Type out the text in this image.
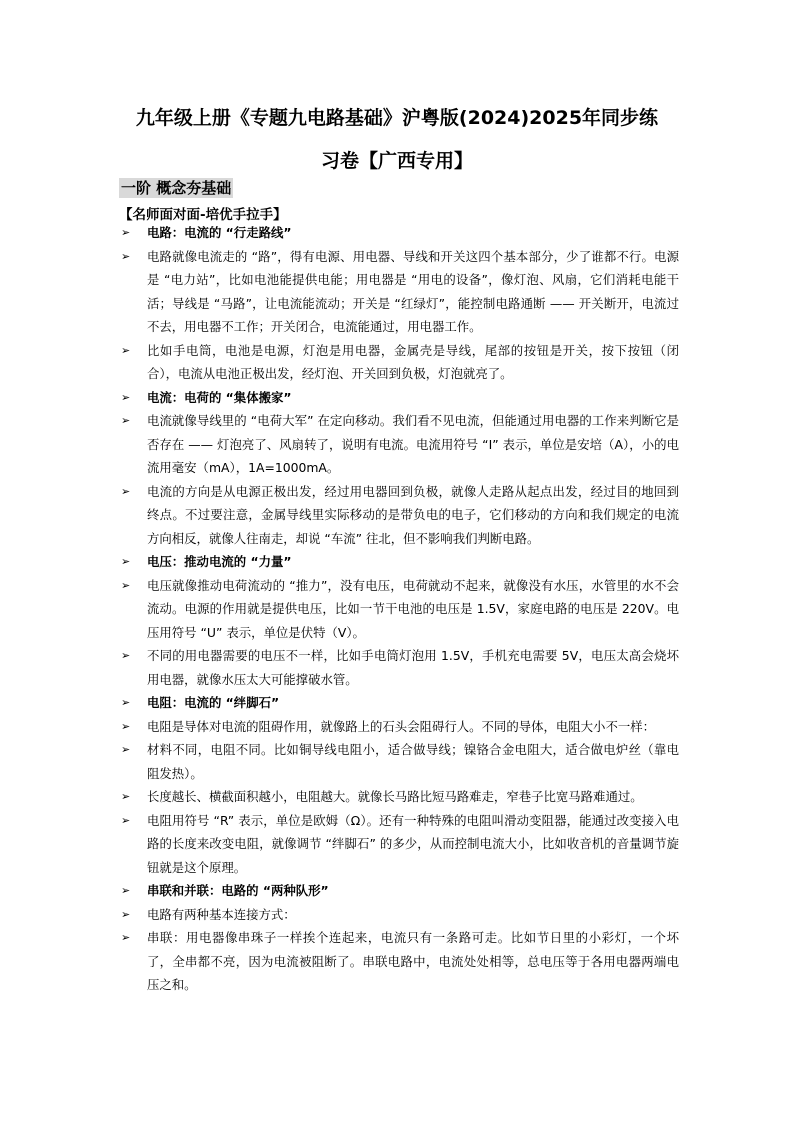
九年级上册《专题九电路基础》沪粤版(2024)2025年同步练
习卷【广西专用】
一阶 概念夯基础
【名师面对面-培优手拉手】
➢ 电路：电流的 “行走路线”
➢ 电路就像电流走的 “路”，得有电源、用电器、导线和开关这四个基本部分，少了谁都不行。电源是 “电力站”，比如电池能提供电能；用电器是 “用电的设备”，像灯泡、风扇，它们消耗电能干活；导线是 “马路”，让电流能流动；开关是 “红绿灯”，能控制电路通断 —— 开关断开，电流过不去，用电器不工作；开关闭合，电流能通过，用电器工作。
➢ 比如手电筒，电池是电源，灯泡是用电器，金属壳是导线，尾部的按钮是开关，按下按钮（闭合），电流从电池正极出发，经灯泡、开关回到负极，灯泡就亮了。
➢ 电流：电荷的 “集体搬家”
➢ 电流就像导线里的 “电荷大军” 在定向移动。我们看不见电流，但能通过用电器的工作来判断它是否存在 —— 灯泡亮了、风扇转了，说明有电流。电流用符号 “I” 表示，单位是安培（A），小的电流用毫安（mA），1A=1000mA。
➢ 电流的方向是从电源正极出发，经过用电器回到负极，就像人走路从起点出发，经过目的地回到终点。不过要注意，金属导线里实际移动的是带负电的电子，它们移动的方向和我们规定的电流方向相反，就像人往南走，却说 “车流” 往北，但不影响我们判断电路。
➢ 电压：推动电流的 “力量”
➢ 电压就像推动电荷流动的 “推力”，没有电压，电荷就动不起来，就像没有水压，水管里的水不会流动。电源的作用就是提供电压，比如一节干电池的电压是 1.5V，家庭电路的电压是 220V。电压用符号 “U” 表示，单位是伏特（V）。
➢ 不同的用电器需要的电压不一样，比如手电筒灯泡用 1.5V，手机充电需要 5V，电压太高会烧坏用电器，就像水压太大可能撑破水管。
➢ 电阻：电流的 “绊脚石”
➢ 电阻是导体对电流的阻碍作用，就像路上的石头会阻碍行人。不同的导体，电阻大小不一样：
➢ 材料不同，电阻不同。比如铜导线电阻小，适合做导线；镍铬合金电阻大，适合做电炉丝（靠电阻发热）。
➢ 长度越长、横截面积越小，电阻越大。就像长马路比短马路难走，窄巷子比宽马路难通过。
➢ 电阻用符号 “R” 表示，单位是欧姆（Ω）。还有一种特殊的电阻叫滑动变阻器，能通过改变接入电路的长度来改变电阻，就像调节 “绊脚石” 的多少，从而控制电流大小，比如收音机的音量调节旋钮就是这个原理。
➢ 串联和并联：电路的 “两种队形”
➢ 电路有两种基本连接方式：
➢ 串联：用电器像串珠子一样挨个连起来，电流只有一条路可走。比如节日里的小彩灯，一个坏了，全串都不亮，因为电流被阻断了。串联电路中，电流处处相等，总电压等于各用电器两端电压之和。
